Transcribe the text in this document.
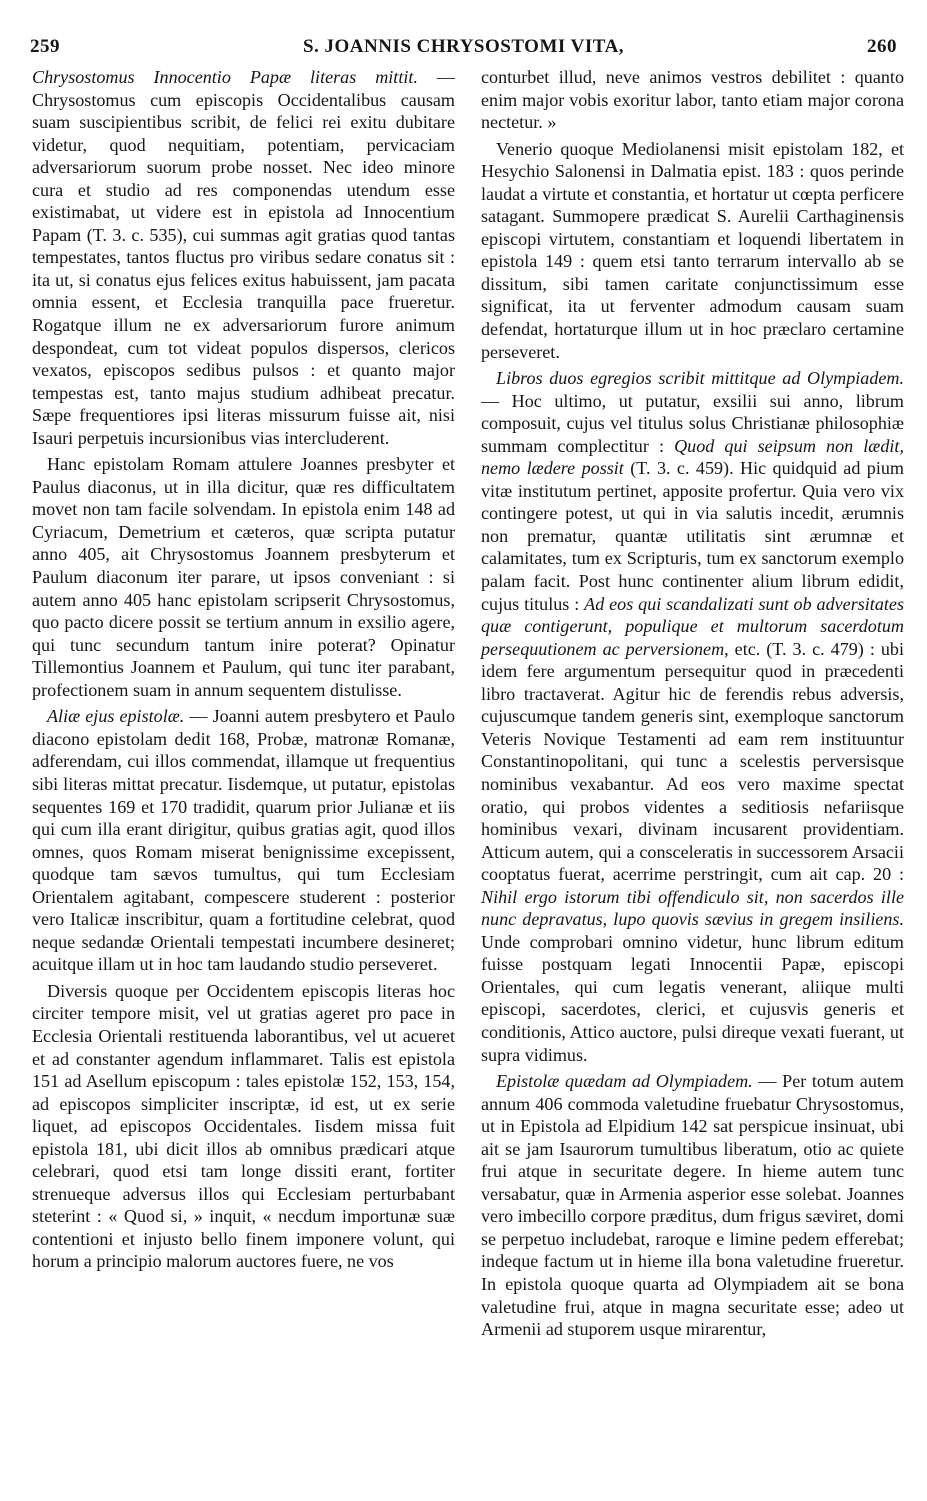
259	S. JOANNIS CHRYSOSTOMI VITA,	260

Chrysostomus Innocentio Papæ literas mittit. — Chrysostomus cum episcopis Occidentalibus causam suam suscipientibus scribit, de felici rei exitu dubitare videtur, quod nequitiam, potentiam, pervicaciam adversariorum suorum probe nosset. Nec ideo minore cura et studio ad res componendas utendum esse existimabat, ut videre est in epistola ad Innocentium Papam (T. 3. c. 535), cui summas agit gratias quod tantas tempestates, tantos fluctus pro viribus sedare conatus sit : ita ut, si conatus ejus felices exitus habuissent, jam pacata omnia essent, et Ecclesia tranquilla pace frueretur. Rogatque illum ne ex adversariorum furore animum despondeat, cum tot videat populos dispersos, clericos vexatos, episcopos sedibus pulsos : et quanto major tempestas est, tanto majus studium adhibeat precatur. Sæpe frequentiores ipsi literas missurum fuisse ait, nisi Isauri perpetuis incursionibus vias intercluderent.

Hanc epistolam Romam attulere Joannes presbyter et Paulus diaconus, ut in illa dicitur, quæ res difficultatem movet non tam facile solvendam. In epistola enim 148 ad Cyriacum, Demetrium et cæteros, quæ scripta putatur anno 405, ait Chrysostomus Joannem presbyterum et Paulum diaconum iter parare, ut ipsos conveniant : si autem anno 405 hanc epistolam scripserit Chrysostomus, quo pacto dicere possit se tertium annum in exsilio agere, qui tunc secundum tantum inire poterat? Opinatur Tillemontius Joannem et Paulum, qui tunc iter parabant, profectionem suam in annum sequentem distulisse.

Aliæ ejus epistolæ. — Joanni autem presbytero et Paulo diacono epistolam dedit 168, Probæ, matronæ Romanæ, adferendam, cui illos commendat, illamque ut frequentius sibi literas mittat precatur. Iisdemque, ut putatur, epistolas sequentes 169 et 170 tradidit, quarum prior Julianæ et iis qui cum illa erant dirigitur, quibus gratias agit, quod illos omnes, quos Romam miserat benignissime excepissent, quodque tam sævos tumultus, qui tum Ecclesiam Orientalem agitabant, compescere studerent : posterior vero Italicæ inscribitur, quam a fortitudine celebrat, quod neque sedandæ Orientali tempestati incumbere desineret; acuitque illam ut in hoc tam laudando studio perseveret.

Diversis quoque per Occidentem episcopis literas hoc circiter tempore misit, vel ut gratias ageret pro pace in Ecclesia Orientali restituenda laborantibus, vel ut acueret et ad constanter agendum inflammaret. Talis est epistola 151 ad Asellum episcopum : tales epistolæ 152, 153, 154, ad episcopos simpliciter inscriptæ, id est, ut ex serie liquet, ad episcopos Occidentales. Iisdem missa fuit epistola 181, ubi dicit illos ab omnibus prædicari atque celebrari, quod etsi tam longe dissiti erant, fortiter strenueque adversus illos qui Ecclesiam perturbabant steterint : « Quod si, » inquit, « necdum importunæ suæ contentioni et injusto bello finem imponere volunt, qui horum a principio malorum auctores fuere, ne vos

conturbet illud, neve animos vestros debilitet : quanto enim major vobis exoritur labor, tanto etiam major corona nectetur. »

Venerio quoque Mediolanensi misit epistolam 182, et Hesychio Salonensi in Dalmatia epist. 183 : quos perinde laudat a virtute et constantia, et hortatur ut cœpta perficere satagant. Summopere prædicat S. Aurelii Carthaginensis episcopi virtutem, constantiam et loquendi libertatem in epistola 149 : quem etsi tanto terrarum intervallo ab se dissitum, sibi tamen caritate conjunctissimum esse significat, ita ut ferventer admodum causam suam defendat, hortaturque illum ut in hoc præclaro certamine perseveret.

Libros duos egregios scribit mittitque ad Olympiadem. — Hoc ultimo, ut putatur, exsilii sui anno, librum composuit, cujus vel titulus solus Christianæ philosophiæ summam complectitur : Quod qui seipsum non lædit, nemo lædere possit (T. 3. c. 459). Hic quidquid ad pium vitæ institutum pertinet, apposite profertur. Quia vero vix contingere potest, ut qui in via salutis incedit, ærumnis non prematur, quantæ utilitatis sint ærumnæ et calamitates, tum ex Scripturis, tum ex sanctorum exemplo palam facit. Post hunc continenter alium librum edidit, cujus titulus : Ad eos qui scandalizati sunt ob adversitates quæ contigerunt, populique et multorum sacerdotum persequutionem ac perversionem, etc. (T. 3. c. 479) : ubi idem fere argumentum persequitur quod in præcedenti libro tractaverat. Agitur hic de ferendis rebus adversis, cujuscumque tandem generis sint, exemploque sanctorum Veteris Novique Testamenti ad eam rem instituuntur Constantinopolitani, qui tunc a scelestis perversisque nominibus vexabantur. Ad eos vero maxime spectat oratio, qui probos videntes a seditiosis nefariisque hominibus vexari, divinam incusarent providentiam. Atticum autem, qui a consceleratis in successorem Arsacii cooptatus fuerat, acerrime perstringit, cum ait cap. 20 : Nihil ergo istorum tibi offendiculo sit, non sacerdos ille nunc depravatus, lupo quovis sævius in gregem insiliens. Unde comprobari omnino videtur, hunc librum editum fuisse postquam legati Innocentii Papæ, episcopi Orientales, qui cum legatis venerant, aliique multi episcopi, sacerdotes, clerici, et cujusvis generis et conditionis, Attico auctore, pulsi direque vexati fuerant, ut supra vidimus.

Epistolæ quædam ad Olympiadem. — Per totum autem annum 406 commoda valetudine fruebatur Chrysostomus, ut in Epistola ad Elpidium 142 sat perspicue insinuat, ubi ait se jam Isaurorum tumultibus liberatum, otio ac quiete frui atque in securitate degere. In hieme autem tunc versabatur, quæ in Armenia asperior esse solebat. Joannes vero imbecillo corpore præditus, dum frigus sæviret, domi se perpetuo includebat, raroque e limine pedem efferebat; indeque factum ut in hieme illa bona valetudine frueretur. In epistola quoque quarta ad Olympiadem ait se bona valetudine frui, atque in magna securitate esse; adeo ut Armenii ad stuporem usque mirarentur,
